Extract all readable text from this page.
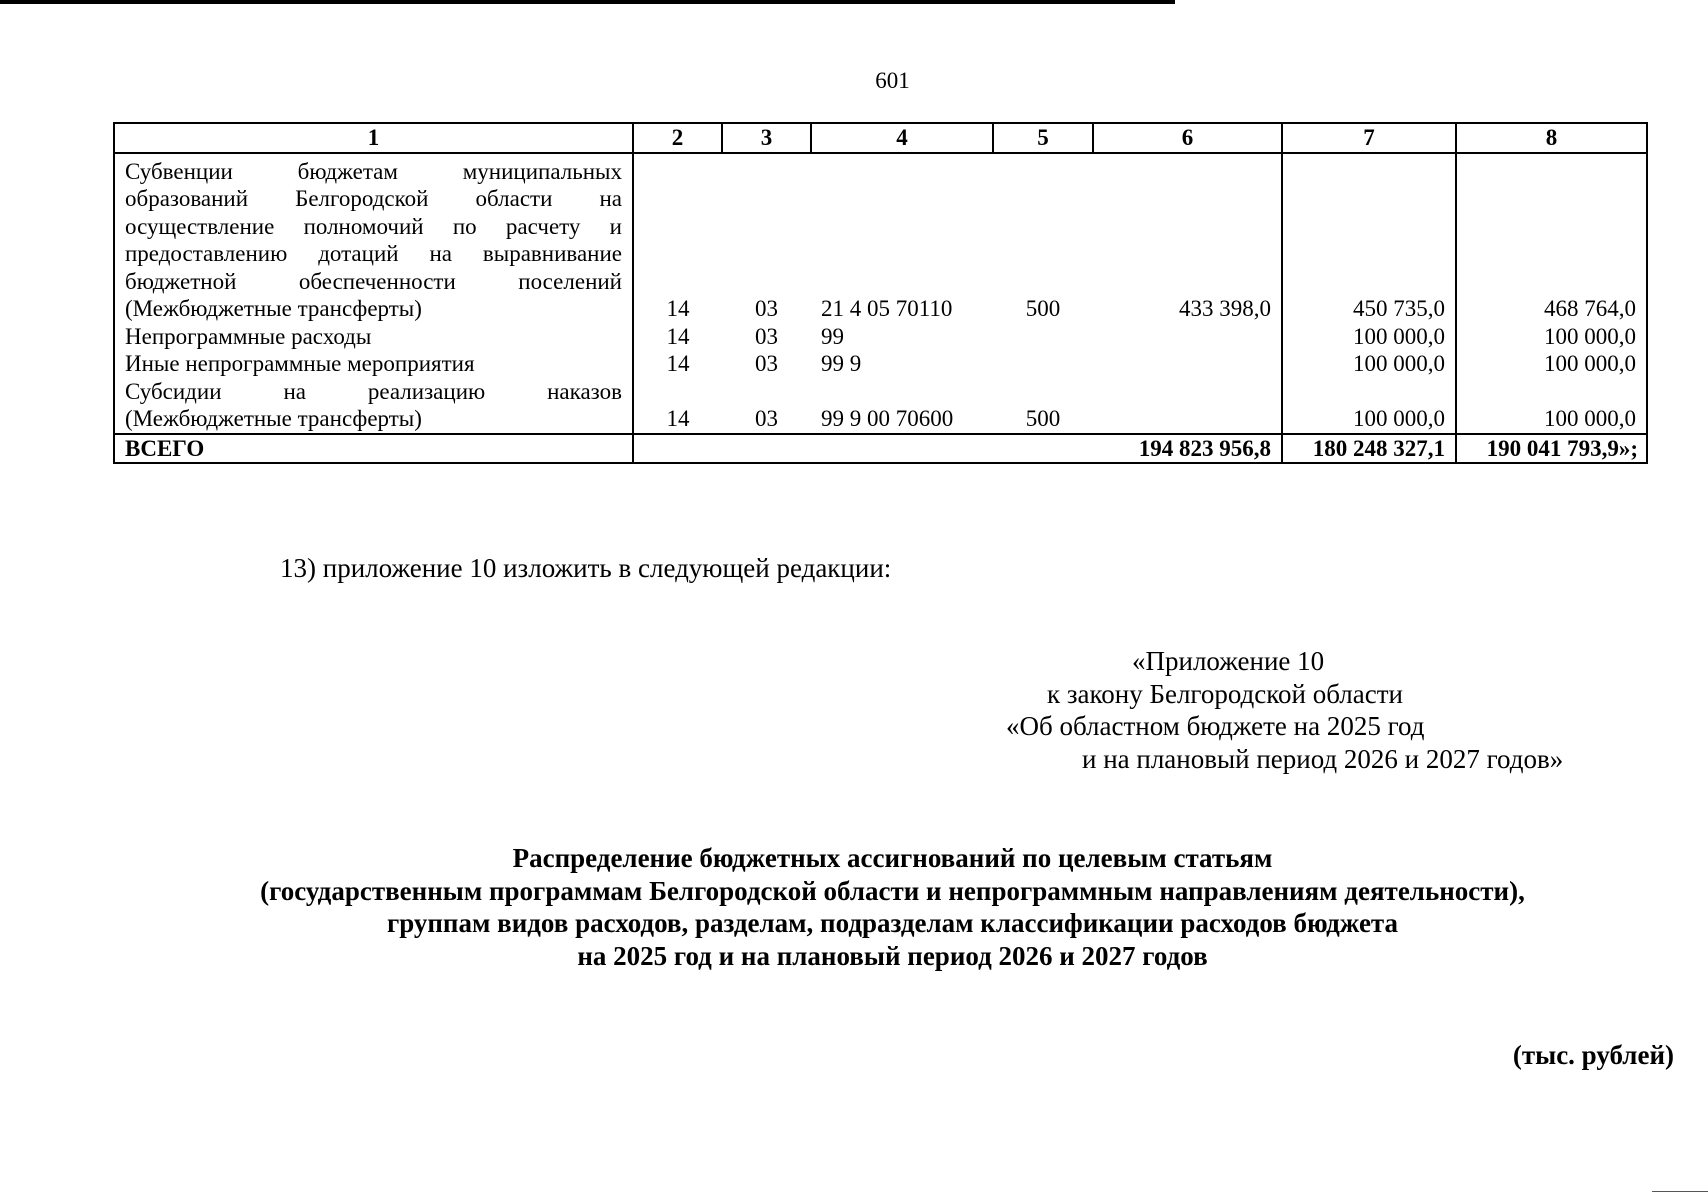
601
1	2	3	4	5	6	7	8
Субвенции бюджетам муниципальных образований Белгородской области на осуществление полномочий по расчету и предоставлению дотаций на выравнивание бюджетной обеспеченности поселений (Межбюджетные трансферты)	14	03	21 4 05 70110	500	433 398,0	450 735,0	468 764,0
Непрограммные расходы	14	03	99			100 000,0	100 000,0
Иные непрограммные мероприятия	14	03	99 9			100 000,0	100 000,0
Субсидии на реализацию наказов (Межбюджетные трансферты)	14	03	99 9 00 70600	500		100 000,0	100 000,0
ВСЕГО					194 823 956,8	180 248 327,1	190 041 793,9»;
13) приложение 10 изложить в следующей редакции:
«Приложение 10
к закону Белгородской области
«Об областном бюджете на 2025 год
и на плановый период 2026 и 2027 годов»
Распределение бюджетных ассигнований по целевым статьям
(государственным программам Белгородской области и непрограммным направлениям деятельности),
группам видов расходов, разделам, подразделам классификации расходов бюджета
на 2025 год и на плановый период 2026 и 2027 годов
(тыс. рублей)
